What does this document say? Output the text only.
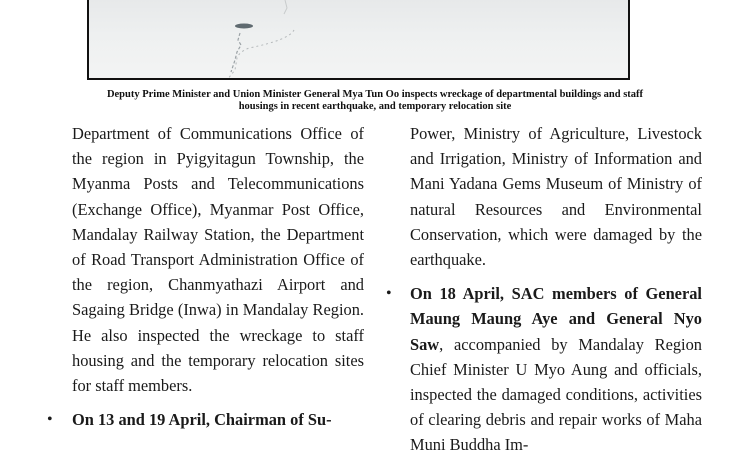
Deputy Prime Minister and Union Minister General Mya Tun Oo inspects wreckage of departmental buildings and staff
housings in recent earthquake, and temporary relocation site

Department of Communications Office of the region in Pyigyitagun Township, the Myanma Posts and Telecommunications (Exchange Office), Myanmar Post Office, Mandalay Railway Station, the Department of Road Transport Administration Office of the region, Chanmyathazi Airport and Sagaing Bridge (Inwa) in Mandalay Region. He also inspected the wreckage to staff housing and the temporary relocation sites for staff members.

• On 13 and 19 April, Chairman of Su-

Power, Ministry of Agriculture, Livestock and Irrigation, Ministry of Information and Mani Yadana Gems Museum of Ministry of natural Resources and Environmental Conservation, which were damaged by the earthquake.

• On 18 April, SAC members of General Maung Maung Aye and General Nyo Saw, accompanied by Mandalay Region Chief Minister U Myo Aung and officials, inspected the damaged conditions, activities of clearing debris and repair works of Maha Muni Buddha Im-
